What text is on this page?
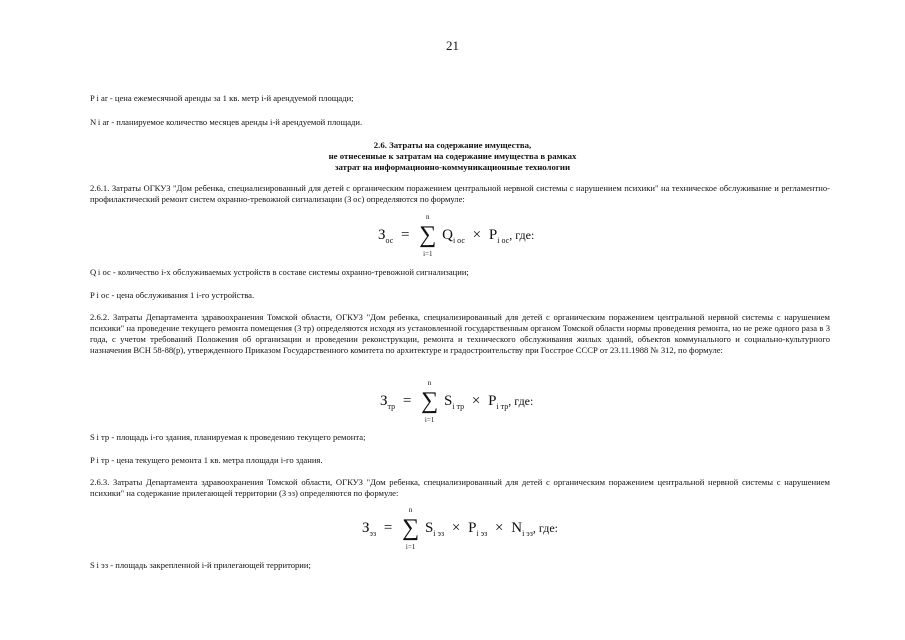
21
P i ar - цена ежемесячной аренды за 1 кв. метр i-й арендуемой площади;
N i ar - планируемое количество месяцев аренды i-й арендуемой площади.
2.6. Затраты на содержание имущества,
не отнесенные к затратам на содержание имущества в рамках
затрат на информационно-коммуникационные технологии
2.6.1. Затраты ОГКУЗ "Дом ребенка, специализированный для детей с органическим поражением центральной нервной системы с нарушением психики" на техническое обслуживание и регламентно-профилактический ремонт систем охранно-тревожной сигнализации (З ос) определяются по формуле:
$З_{ос}$ = ∑
n
i=1
$Q_{i ос} \times P_{i ос}$, где:
Q i ос - количество i-х обслуживаемых устройств в составе системы охранно-тревожной сигнализации;
P i ос - цена обслуживания 1 i-го устройства.
2.6.2. Затраты Департамента здравоохранения Томской области, ОГКУЗ "Дом ребенка, специализированный для детей с органическим поражением центральной нервной системы с нарушением психики" на проведение текущего ремонта помещения (З тр) определяются исходя из установленной государственным органом Томской области нормы проведения ремонта, но не реже одного раза в 3 года, с учетом требований Положения об организации и проведении реконструкции, ремонта и технического обслуживания жилых зданий, объектов коммунального и социально-культурного назначения ВСН 58-88(р), утвержденного Приказом Государственного комитета по архитектуре и градостроительству при Госстрое СССР от 23.11.1988 № 312, по формуле:
$З_{тр}$ = ∑
n
i=1
$S_{i тр} \times P_{i тр}$, где:
S i тр - площадь i-го здания, планируемая к проведению текущего ремонта;
P i тр - цена текущего ремонта 1 кв. метра площади i-го здания.
2.6.3. Затраты Департамента здравоохранения Томской области, ОГКУЗ "Дом ребенка, специализированный для детей с органическим поражением центральной нервной системы с нарушением психики" на содержание прилегающей территории (З эз) определяются по формуле:
$З_{эз}$ = ∑
n
i=1
$S_{i эз} \times P_{i эз} \times N_{i эз}$, где:
S i эз - площадь закрепленной i-й прилегающей территории;
